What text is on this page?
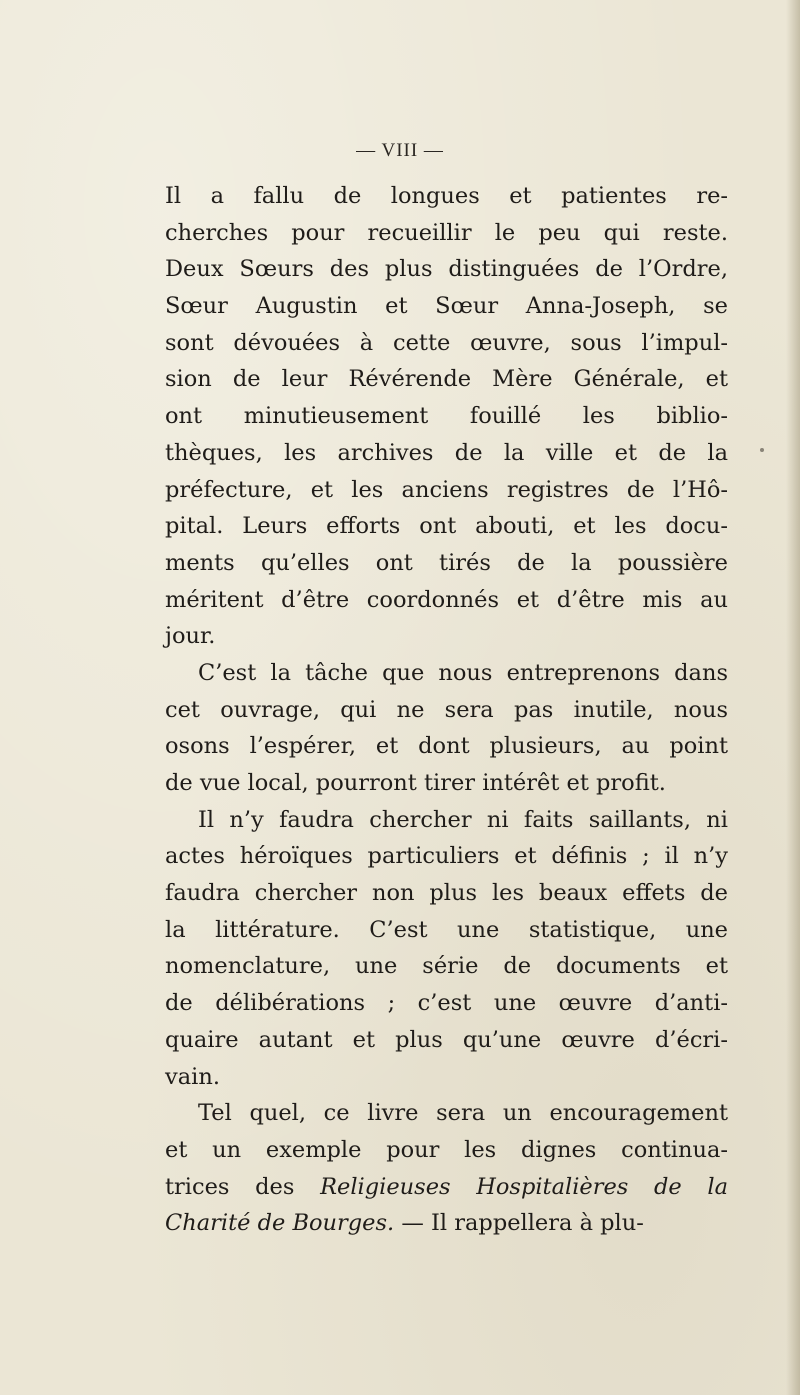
— VIII —
Il a fallu de longues et patientes re-
cherches pour recueillir le peu qui reste.
Deux Sœurs des plus distinguées de l’Ordre,
Sœur Augustin et Sœur Anna-Joseph, se
sont dévouées à cette œuvre, sous l’impul-
sion de leur Révérende Mère Générale, et
ont minutieusement fouillé les biblio-
thèques, les archives de la ville et de la
préfecture, et les anciens registres de l’Hô-
pital. Leurs efforts ont abouti, et les docu-
ments qu’elles ont tirés de la poussière
méritent d’être coordonnés et d’être mis au
jour.
C’est la tâche que nous entreprenons dans
cet ouvrage, qui ne sera pas inutile, nous
osons l’espérer, et dont plusieurs, au point
de vue local, pourront tirer intérêt et profit.
Il n’y faudra chercher ni faits saillants, ni
actes héroïques particuliers et définis ; il n’y
faudra chercher non plus les beaux effets de
la littérature. C’est une statistique, une
nomenclature, une série de documents et
de délibérations ; c’est une œuvre d’anti-
quaire autant et plus qu’une œuvre d’écri-
vain.
Tel quel, ce livre sera un encouragement
et un exemple pour les dignes continua-
trices des Religieuses Hospitalières de la
Charité de Bourges. — Il rappellera à plu-
